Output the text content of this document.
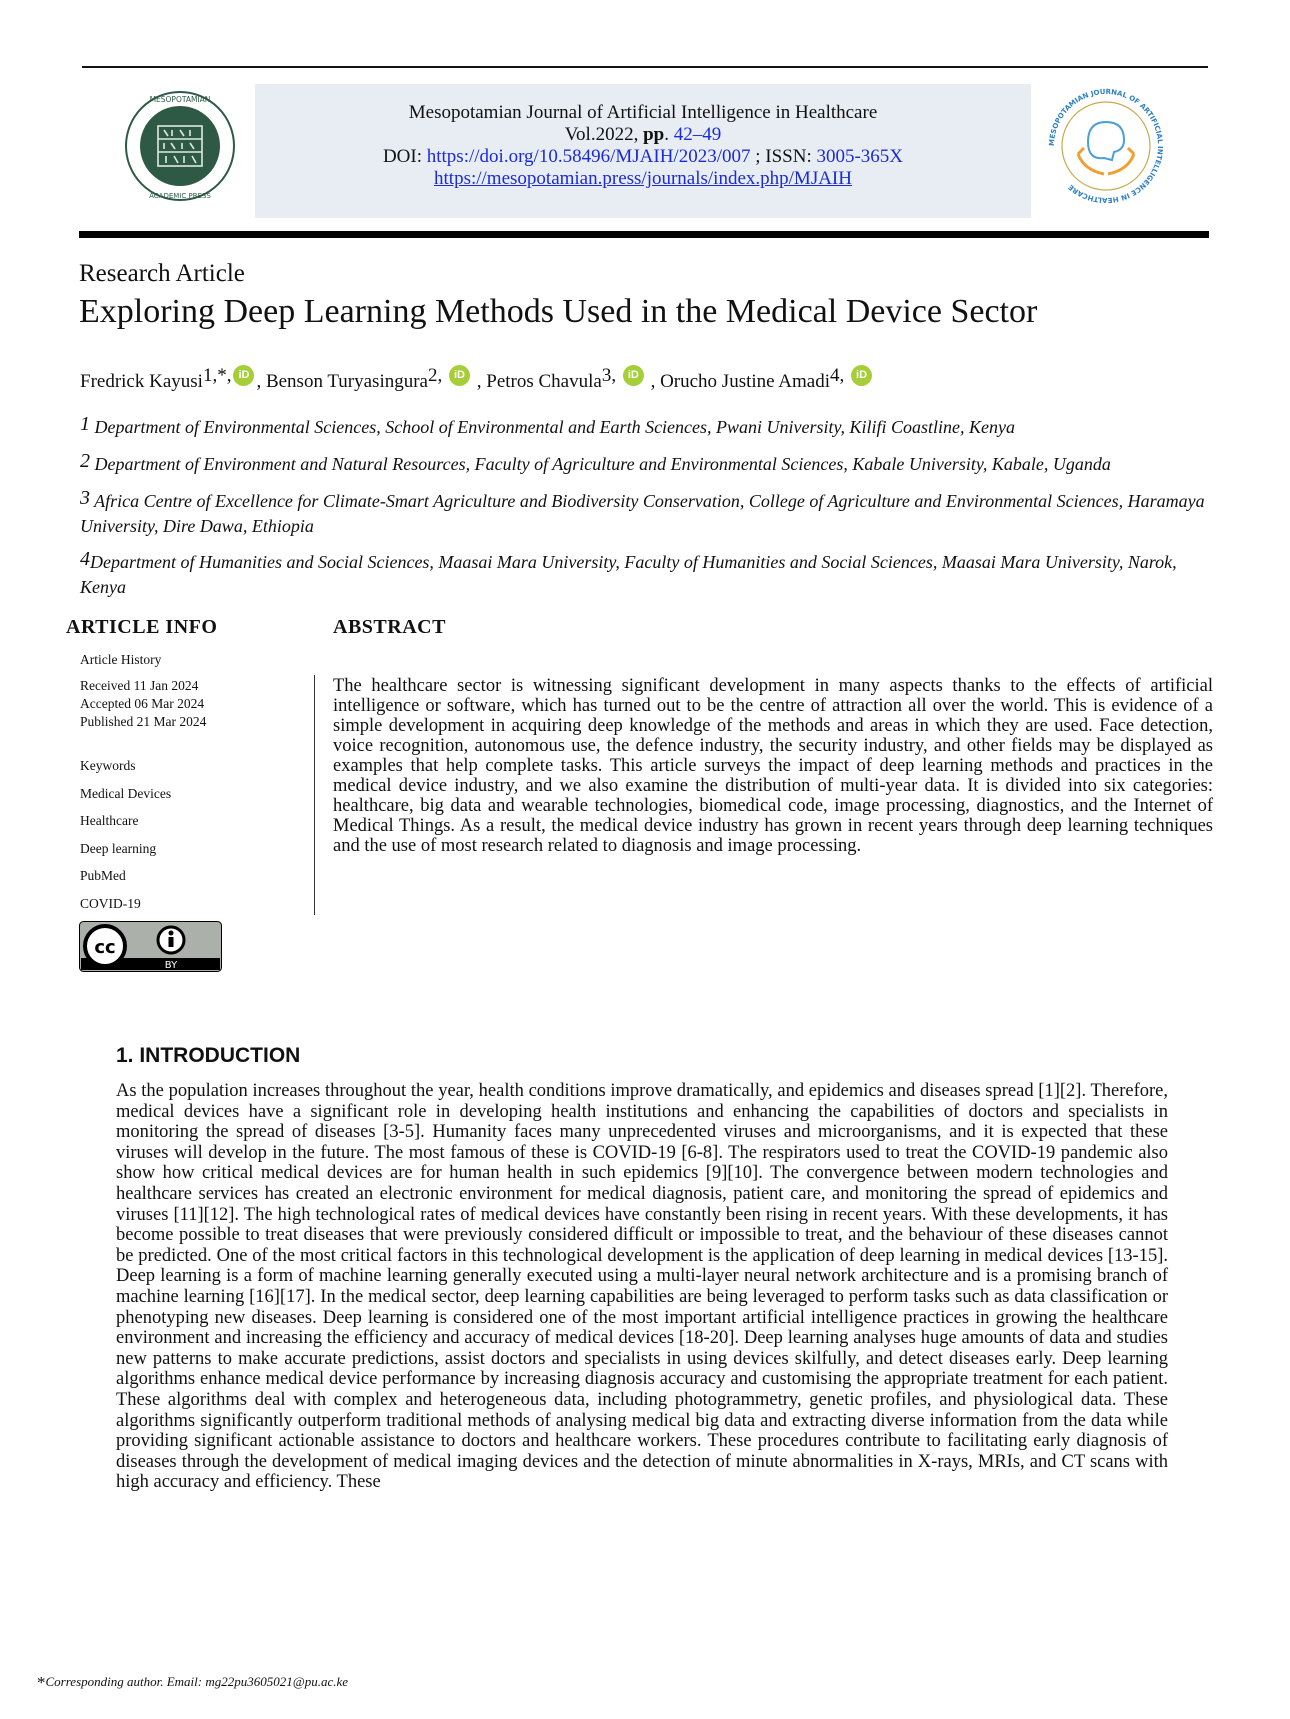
MESOPOTAMIAN
ACADEMIC PRESS
Mesopotamian Journal of Artificial Intelligence in Healthcare
Vol.2022, pp. 42–49
DOI: https://doi.org/10.58496/MJAIH/2023/007 ; ISSN: 3005-365X
https://mesopotamian.press/journals/index.php/MJAIH
MESOPOTAMIAN JOURNAL OF ARTIFICIAL INTELLIGENCE IN HEALTHCARE
Research Article
Exploring Deep Learning Methods Used in the Medical Device Sector
Fredrick Kayusi$^{1,*,}$ iD , Benson Turyasingura$^{2,}$ iD , Petros Chavula$^{3,}$ iD , Orucho Justine Amadi$^{4,}$ iD
$^1$ Department of Environmental Sciences, School of Environmental and Earth Sciences, Pwani University, Kilifi Coastline, Kenya
$^2$ Department of Environment and Natural Resources, Faculty of Agriculture and Environmental Sciences, Kabale University, Kabale, Uganda
$^3$ Africa Centre of Excellence for Climate-Smart Agriculture and Biodiversity Conservation, College of Agriculture and Environmental Sciences, Haramaya University, Dire Dawa, Ethiopia
$^4$Department of Humanities and Social Sciences, Maasai Mara University, Faculty of Humanities and Social Sciences, Maasai Mara University, Narok, Kenya
ARTICLE INFO	ABSTRACT
Article History
Received 11 Jan 2024
Accepted 06 Mar 2024
Published 21 Mar 2024
Keywords
Medical Devices
Healthcare
Deep learning
PubMed
COVID-19
cc
BY
The healthcare sector is witnessing significant development in many aspects thanks to the effects of artificial intelligence or software, which has turned out to be the centre of attraction all over the world. This is evidence of a simple development in acquiring deep knowledge of the methods and areas in which they are used. Face detection, voice recognition, autonomous use, the defence industry, the security industry, and other fields may be displayed as examples that help complete tasks. This article surveys the impact of deep learning methods and practices in the medical device industry, and we also examine the distribution of multi-year data. It is divided into six categories: healthcare, big data and wearable technologies, biomedical code, image processing, diagnostics, and the Internet of Medical Things. As a result, the medical device industry has grown in recent years through deep learning techniques and the use of most research related to diagnosis and image processing.
1. INTRODUCTION
As the population increases throughout the year, health conditions improve dramatically, and epidemics and diseases spread [1][2]. Therefore, medical devices have a significant role in developing health institutions and enhancing the capabilities of doctors and specialists in monitoring the spread of diseases [3-5]. Humanity faces many unprecedented viruses and microorganisms, and it is expected that these viruses will develop in the future. The most famous of these is COVID-19 [6-8]. The respirators used to treat the COVID-19 pandemic also show how critical medical devices are for human health in such epidemics [9][10]. The convergence between modern technologies and healthcare services has created an electronic environment for medical diagnosis, patient care, and monitoring the spread of epidemics and viruses [11][12]. The high technological rates of medical devices have constantly been rising in recent years. With these developments, it has become possible to treat diseases that were previously considered difficult or impossible to treat, and the behaviour of these diseases cannot be predicted. One of the most critical factors in this technological development is the application of deep learning in medical devices [13-15]. Deep learning is a form of machine learning generally executed using a multi-layer neural network architecture and is a promising branch of machine learning [16][17]. In the medical sector, deep learning capabilities are being leveraged to perform tasks such as data classification or phenotyping new diseases. Deep learning is considered one of the most important artificial intelligence practices in growing the healthcare environment and increasing the efficiency and accuracy of medical devices [18-20]. Deep learning analyses huge amounts of data and studies new patterns to make accurate predictions, assist doctors and specialists in using devices skilfully, and detect diseases early. Deep learning algorithms enhance medical device performance by increasing diagnosis accuracy and customising the appropriate treatment for each patient. These algorithms deal with complex and heterogeneous data, including photogrammetry, genetic profiles, and physiological data. These algorithms significantly outperform traditional methods of analysing medical big data and extracting diverse information from the data while providing significant actionable assistance to doctors and healthcare workers. These procedures contribute to facilitating early diagnosis of diseases through the development of medical imaging devices and the detection of minute abnormalities in X-rays, MRIs, and CT scans with high accuracy and efficiency. These
*Corresponding author. Email: mg22pu3605021@pu.ac.ke
